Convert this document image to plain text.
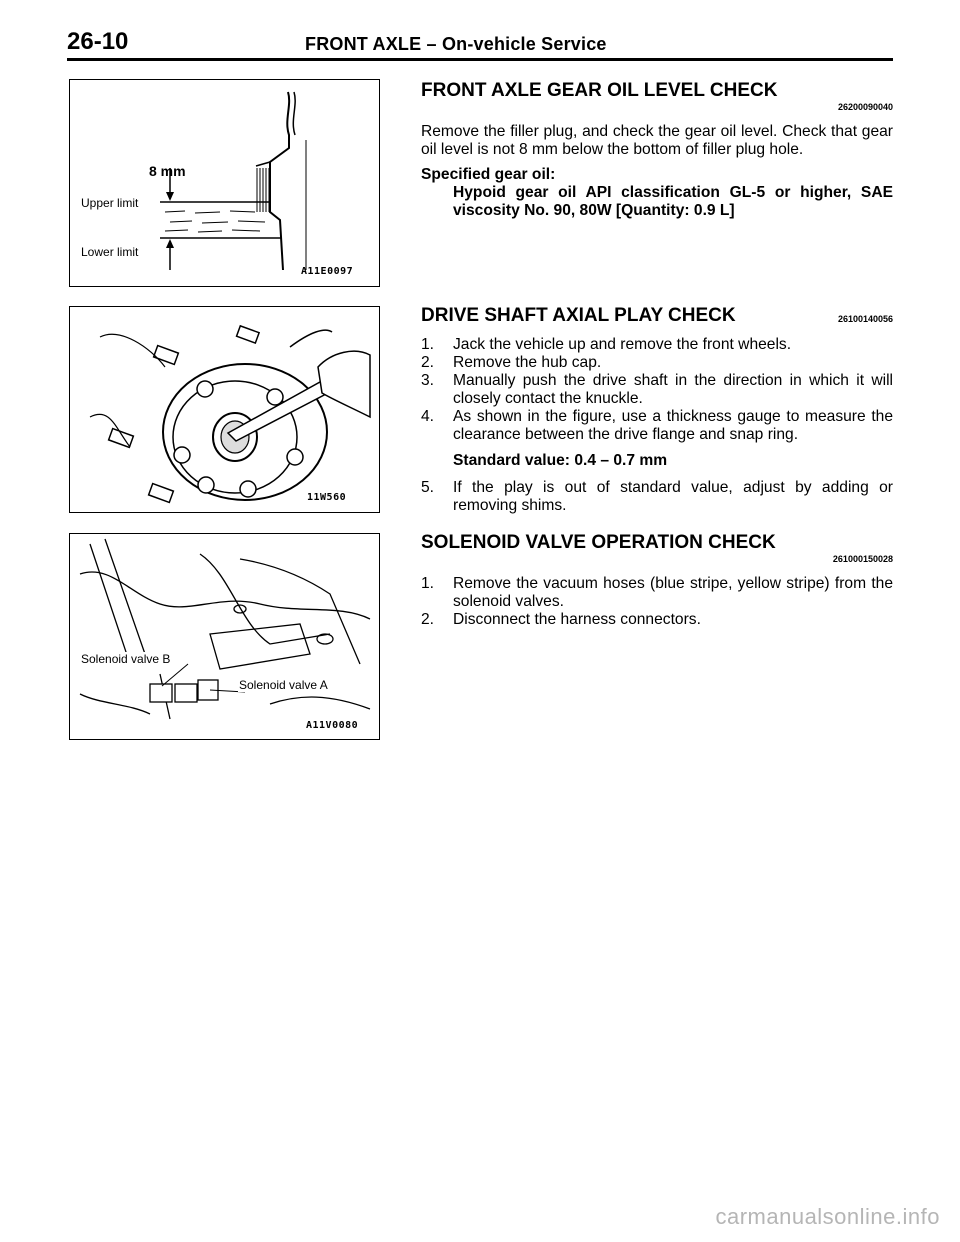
26-10	FRONT AXLE – On-vehicle Service
8 mm
Upper limit
Lower limit
A11E0097
11W560
Solenoid valve B
Solenoid valve A
A11V0080
FRONT AXLE GEAR OIL LEVEL CHECK
26200090040

Remove the filler plug, and check the gear oil level. Check that gear oil level is not 8 mm below the bottom of filler plug hole.

Specified gear oil:

Hypoid gear oil API classification GL-5 or higher, SAE viscosity No. 90, 80W [Quantity: 0.9 L]

DRIVE SHAFT AXIAL PLAY CHECK	26100140056
1. Jack the vehicle up and remove the front wheels.
2. Remove the hub cap.
3. Manually push the drive shaft in the direction in which it will closely contact the knuckle.
4. As shown in the figure, use a thickness gauge to measure the clearance between the drive flange and snap ring.
Standard value: 0.4 – 0.7 mm
5. If the play is out of standard value, adjust by adding or removing shims.
SOLENOID VALVE OPERATION CHECK
261000150028
1. Remove the vacuum hoses (blue stripe, yellow stripe) from the solenoid valves.
2. Disconnect the harness connectors.
carmanualsonline.info
